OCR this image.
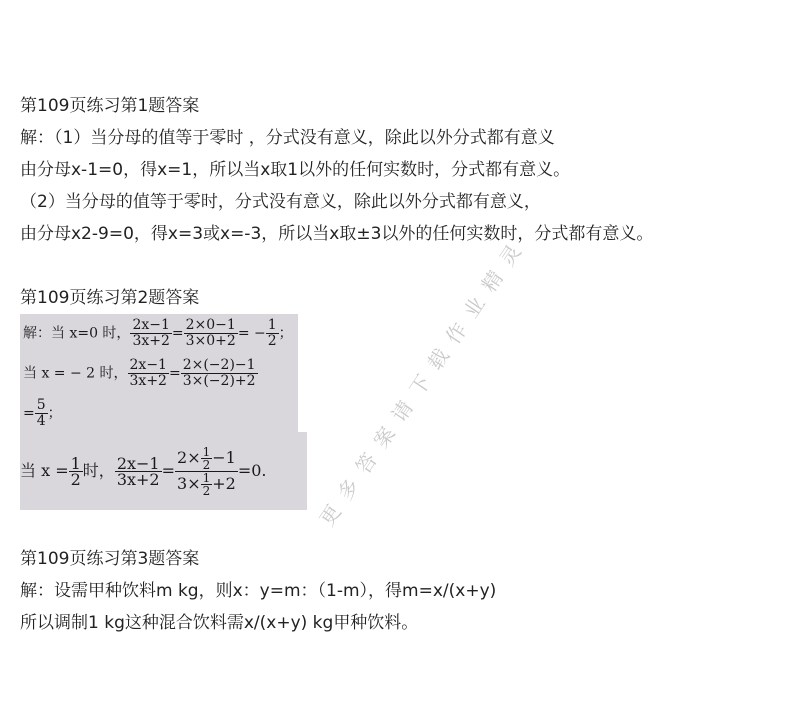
第109页练习第1题答案
解：（1）当分母的值等于零时 ，分式没有意义，除此以外分式都有意义
由分母x-1=0，得x=1，所以当x取1以外的任何实数时，分式都有意义。
（2）当分母的值等于零时，分式没有意义，除此以外分式都有意义，
由分母x2-9=0，得x=3或x=-3，所以当x取±3以外的任何实数时，分式都有意义。
第109页练习第2题答案
解：当 x=0 时， $\frac{2x-1}{3x+2} = \frac{2\times 0-1}{3\times 0+2}$ = − $\frac{1}{2}$ ；
当 x = − 2 时， $\frac{2x-1}{3x+2} = \frac{2\times(-2)-1}{3\times(-2)+2}$
= $\frac{5}{4}$ ；
当 $x = \frac{1}{2}$ 时， $\frac{2x-1}{3x+2} = \frac{2\times \frac{1}{2} -1}{3\times \frac{1}{2} +2} =0$.
第109页练习第3题答案
解：设需甲种饮料m kg，则x：y=m：（1-m），得m=x/(x+y)
所以调制1 kg这种混合饮料需x/(x+y) kg甲种饮料。
更
多
答
案
请
下
载
作
业
精
灵
